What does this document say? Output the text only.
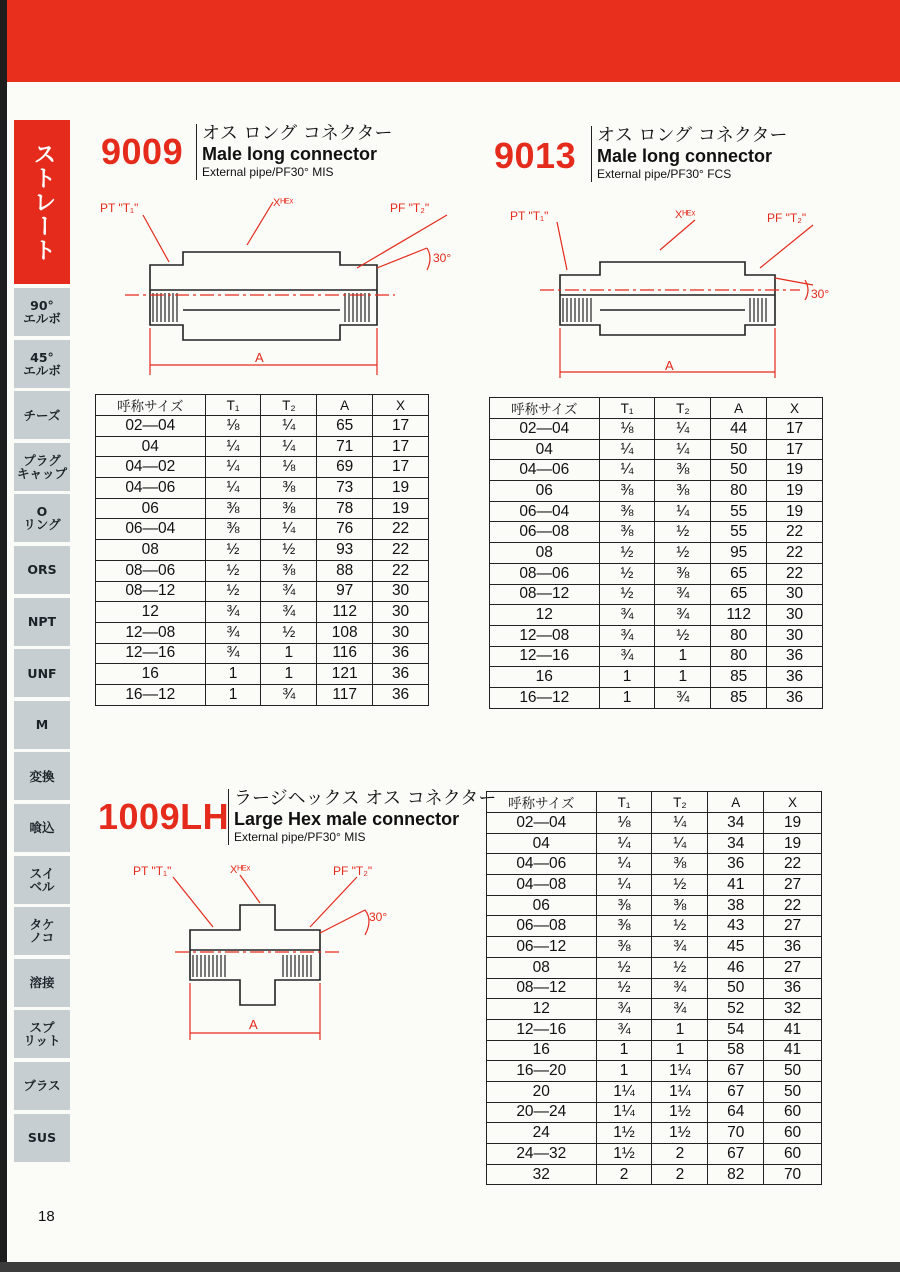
ストレート
90°
エルボ
45°
エルボ
チーズ
プラグ
キャップ
O
リング
ORS
NPT
UNF
M
変換
喰込
スイ
ベル
タケ
ノコ
溶接
スプ
リット
ブラス
SUS
18
9009 オス ロング コネクター
Male long connector
External pipe/PF30° MIS	9013 オス ロング コネクター
Male long connector
External pipe/PF30° FCS
1009LH ラージヘックス オス コネクター
Large Hex male connector
External pipe/PF30° MIS
PT "T₁"	Xᴴᴱˣ	PF "T₂"
30°
A
PT "T₁"	Xᴴᴱˣ	PF "T₂"
30°
A
PT "T₁"	Xᴴᴱˣ	PF "T₂"
30°
A
呼称サイズ	T₁	T₂	A	X
02—04	⅛	¼	65	17
04	¼	¼	71	17
04—02	¼	⅛	69	17
04—06	¼	⅜	73	19
06	⅜	⅜	78	19
06—04	⅜	¼	76	22
08	½	½	93	22
08—06	½	⅜	88	22
08—12	½	¾	97	30
12	¾	¾	112	30
12—08	¾	½	108	30
12—16	¾	1	116	36
16	1	1	121	36
16—12	1	¾	117	36
呼称サイズ	T₁	T₂	A	X
02—04	⅛	¼	44	17
04	¼	¼	50	17
04—06	¼	⅜	50	19
06	⅜	⅜	80	19
06—04	⅜	¼	55	19
06—08	⅜	½	55	22
08	½	½	95	22
08—06	½	⅜	65	22
08—12	½	¾	65	30
12	¾	¾	112	30
12—08	¾	½	80	30
12—16	¾	1	80	36
16	1	1	85	36
16—12	1	¾	85	36
呼称サイズ	T₁	T₂	A	X
02—04	⅛	¼	34	19
04	¼	¼	34	19
04—06	¼	⅜	36	22
04—08	¼	½	41	27
06	⅜	⅜	38	22
06—08	⅜	½	43	27
06—12	⅜	¾	45	36
08	½	½	46	27
08—12	½	¾	50	36
12	¾	¾	52	32
12—16	¾	1	54	41
16	1	1	58	41
16—20	1	1¼	67	50
20	1¼	1¼	67	50
20—24	1¼	1½	64	60
24	1½	1½	70	60
24—32	1½	2	67	60
32	2	2	82	70
